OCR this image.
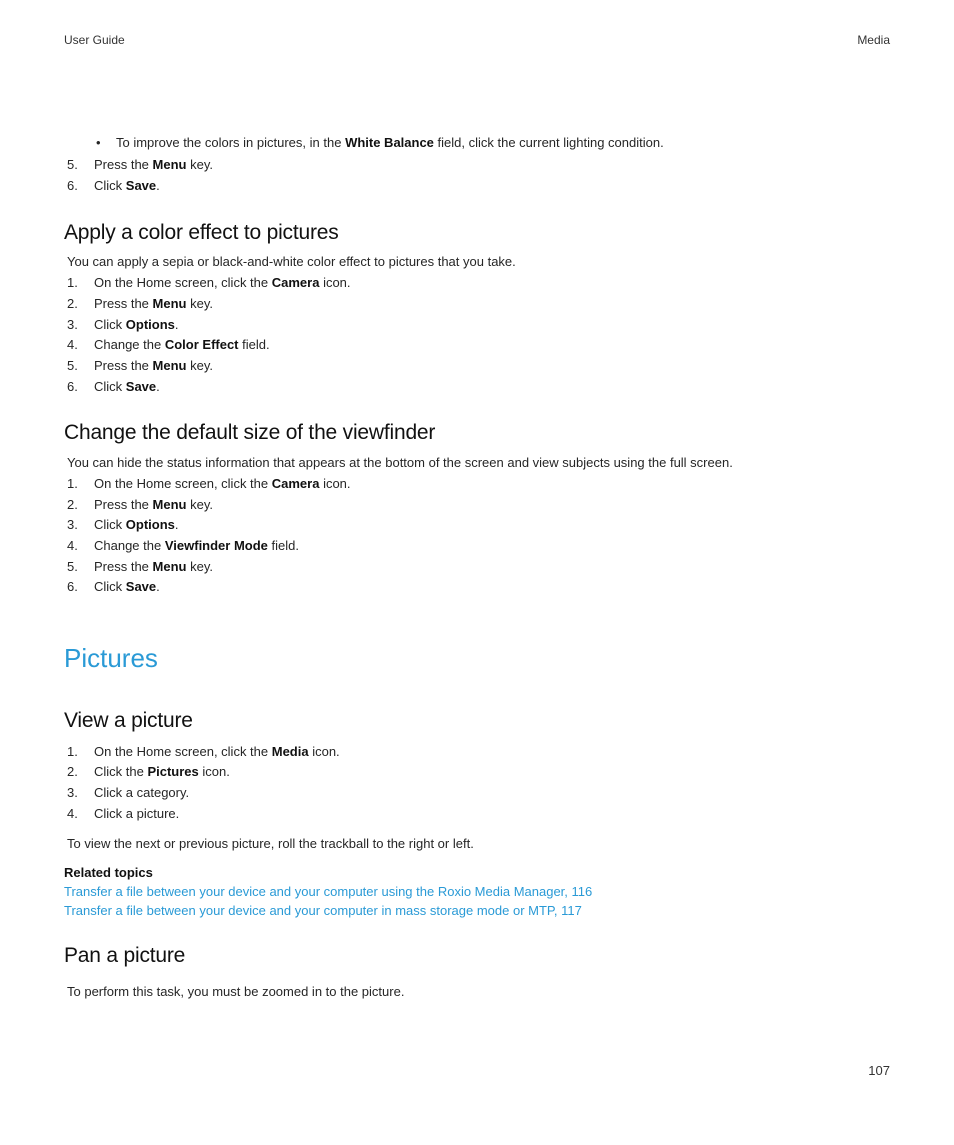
User Guide	Media
• To improve the colors in pictures, in the White Balance field, click the current lighting condition.
5. Press the Menu key.
6. Click Save.
Apply a color effect to pictures
You can apply a sepia or black-and-white color effect to pictures that you take.
1. On the Home screen, click the Camera icon.
2. Press the Menu key.
3. Click Options.
4. Change the Color Effect field.
5. Press the Menu key.
6. Click Save.
Change the default size of the viewfinder
You can hide the status information that appears at the bottom of the screen and view subjects using the full screen.
1. On the Home screen, click the Camera icon.
2. Press the Menu key.
3. Click Options.
4. Change the Viewfinder Mode field.
5. Press the Menu key.
6. Click Save.
Pictures
View a picture
1. On the Home screen, click the Media icon.
2. Click the Pictures icon.
3. Click a category.
4. Click a picture.
To view the next or previous picture, roll the trackball to the right or left.
Related topics
Transfer a file between your device and your computer using the Roxio Media Manager, 116
Transfer a file between your device and your computer in mass storage mode or MTP, 117
Pan a picture
To perform this task, you must be zoomed in to the picture.
107
